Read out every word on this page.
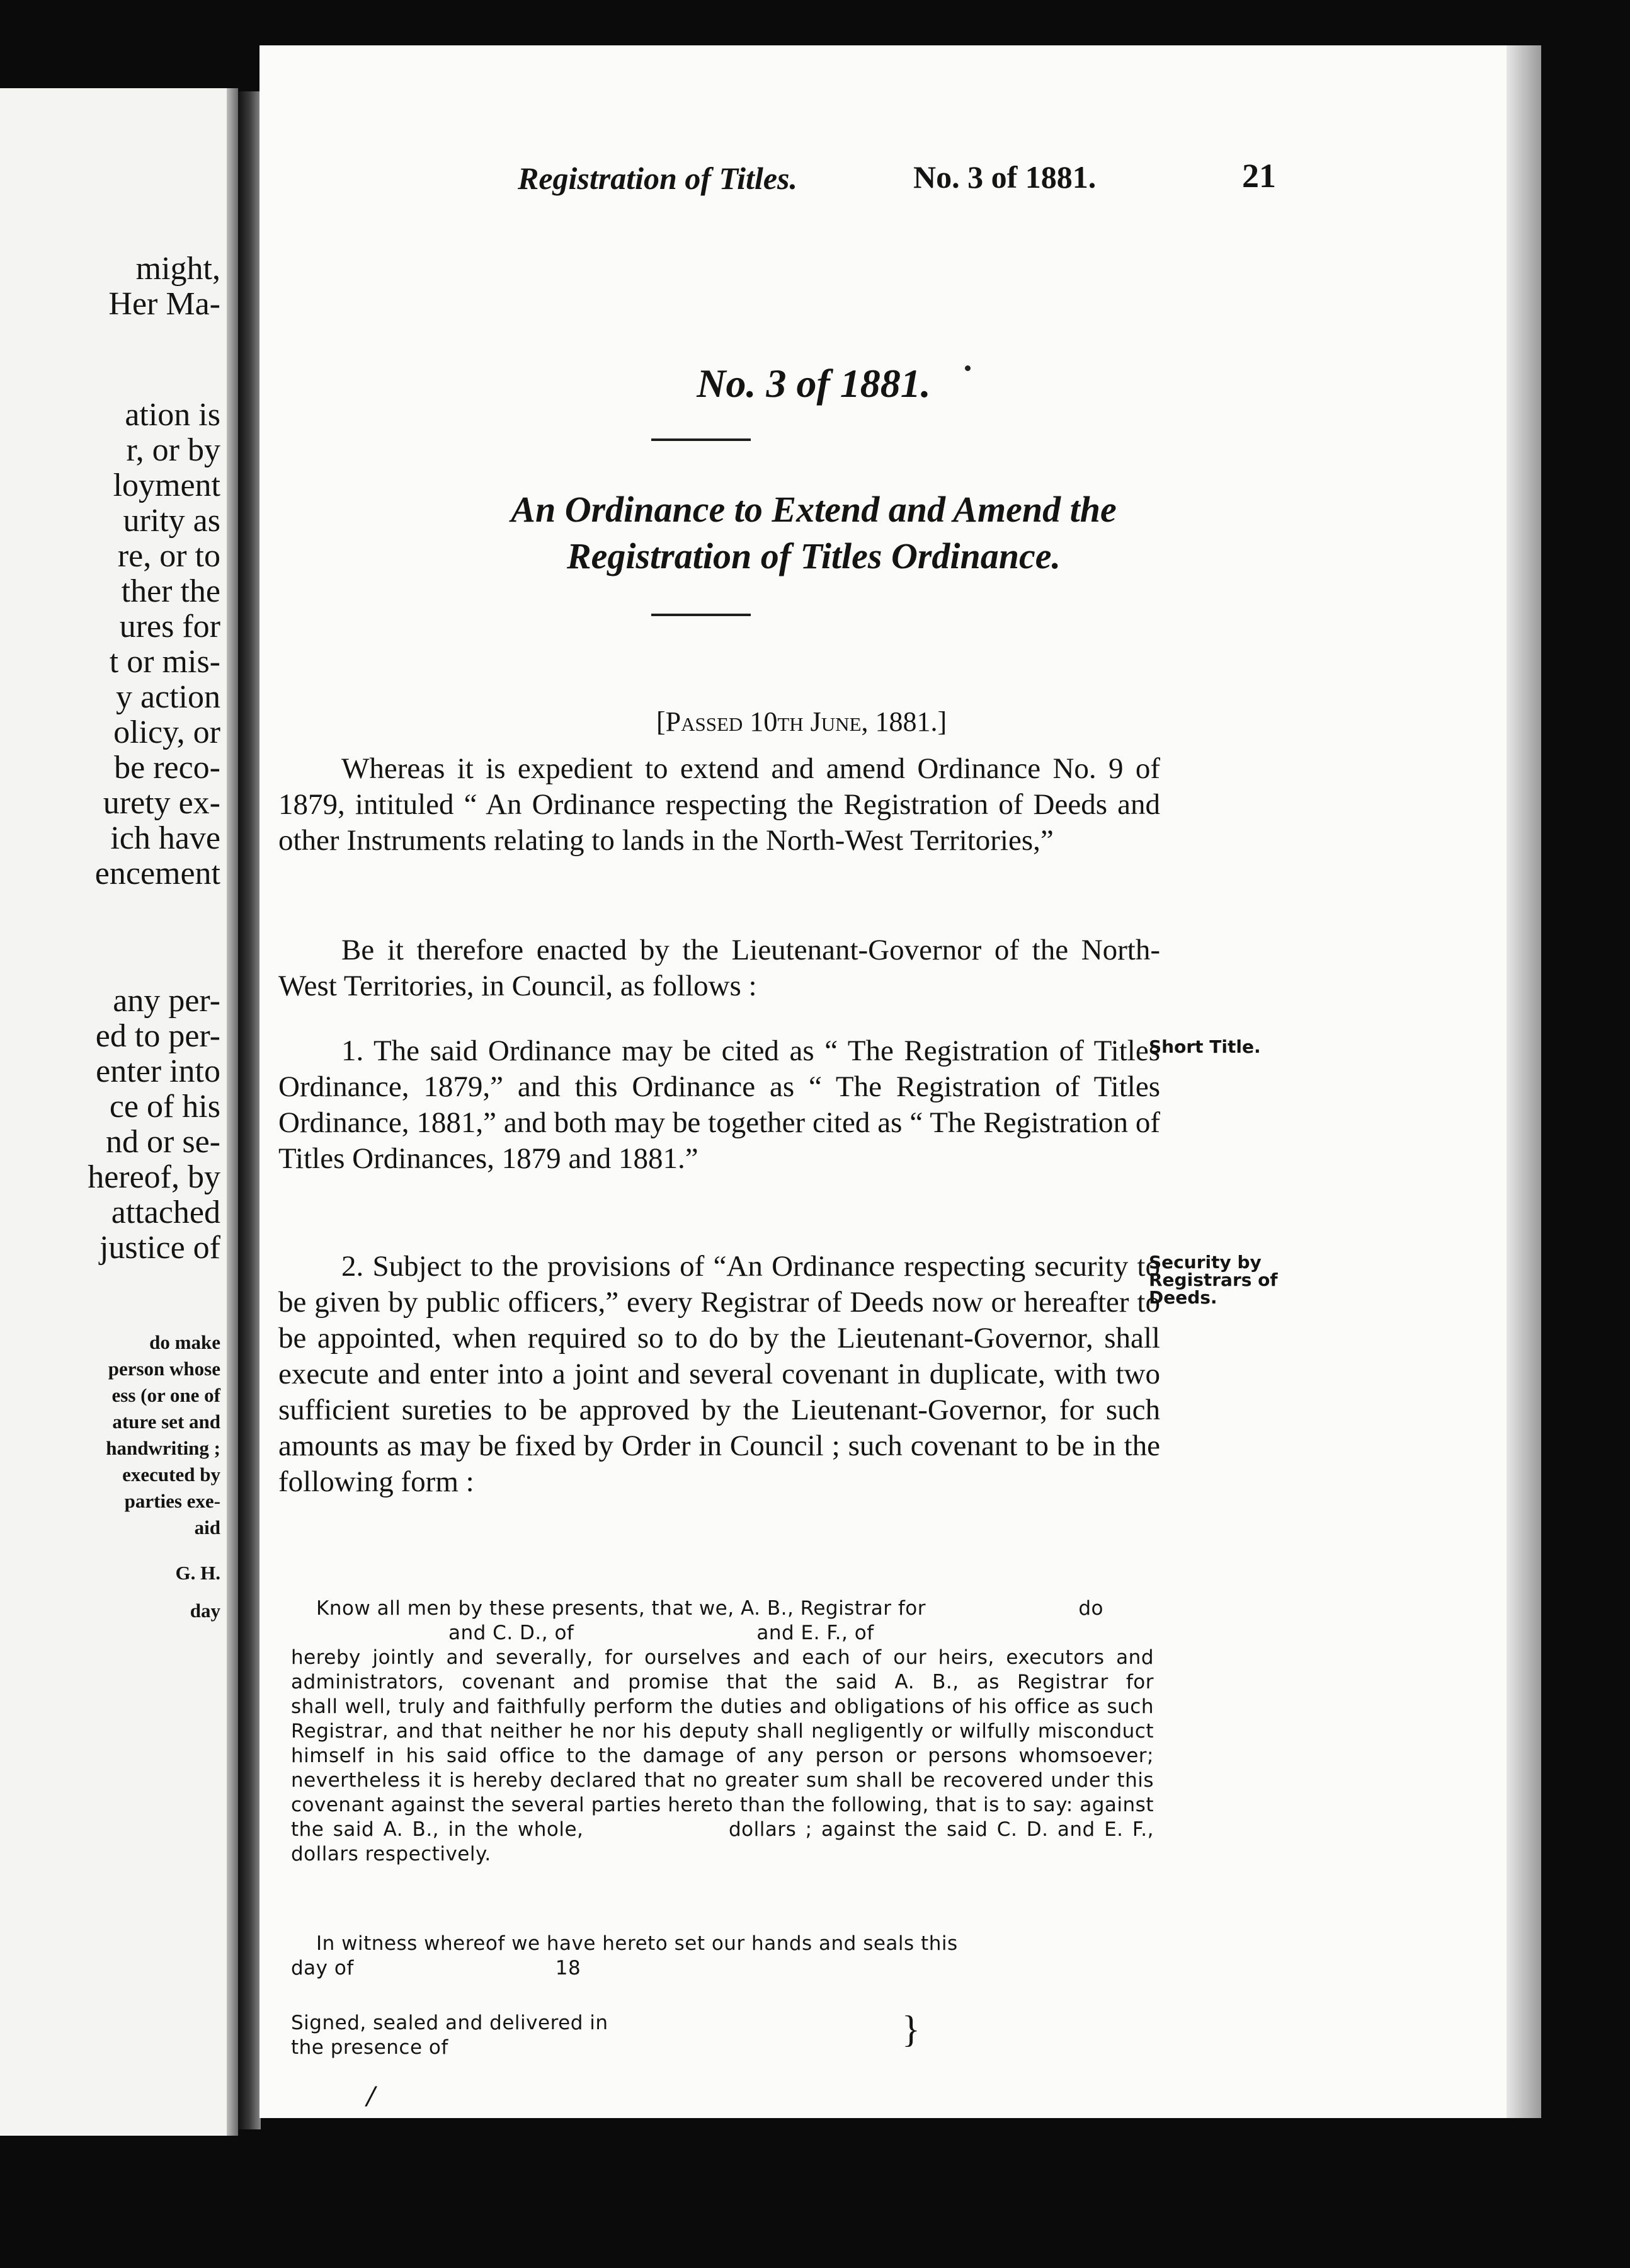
might,
Her Ma-
ation is
r, or by
loyment
urity as
re, or to
ther the
ures for
t or mis-
y action
olicy, or
be reco-
urety ex-
ich have
encement
any per-
ed to per-
enter into
ce of his
nd or se-
hereof, by
attached
justice of
do make
person whose
ess (or one of
ature set and
handwriting ;
executed by
parties exe-
aid
G. H.
day
Registration of Titles.	No. 3 of 1881.	21
No. 3 of 1881.
An Ordinance to Extend and Amend the
Registration of Titles Ordinance.
[Passed 10th June, 1881.]

Whereas it is expedient to extend and amend Ordinance No. 9 of 1879, intituled “ An Ordinance respecting the Registration of Deeds and other Instruments relating to lands in the North-West Territories,”

Be it therefore enacted by the Lieutenant-Governor of the North-West Territories, in Council, as follows :

1. The said Ordinance may be cited as “ The Registration of Titles Ordinance, 1879,” and this Ordinance as “ The Registration of Titles Ordinance, 1881,” and both may be together cited as “ The Registration of Titles Ordinances, 1879 and 1881.”

2. Subject to the provisions of “An Ordinance respecting security to be given by public officers,” every Registrar of Deeds now or hereafter to be appointed, when required so to do by the Lieutenant-Governor, shall execute and enter into a joint and several covenant in duplicate, with two sufficient sureties to be approved by the Lieutenant-Governor, for such amounts as may be fixed by Order in Council ; such covenant to be in the following form :

Short Title.
Security by
Registrars of
Deeds.

Know all men by these presents, that we, A. B., Registrar for	do

and C. D., of	and E. F., of

hereby jointly and severally, for ourselves and each of our heirs, executors and administrators, covenant and promise that the said A. B., as Registrar for                shall well, truly and faithfully perform the duties and obligations of his office as such Registrar, and that neither he nor his deputy shall negligently or wilfully misconduct himself in his said office to the damage of any person or persons whomsoever; nevertheless it is hereby declared that no greater sum shall be recovered under this covenant against the several parties hereto than the following, that is to say: against the said A. B., in the whole,                dollars ; against the said C. D. and E. F.,                dollars respectively.

In witness whereof we have hereto set our hands and seals this

day of	18

Signed, sealed and delivered in

the presence of	}
/
